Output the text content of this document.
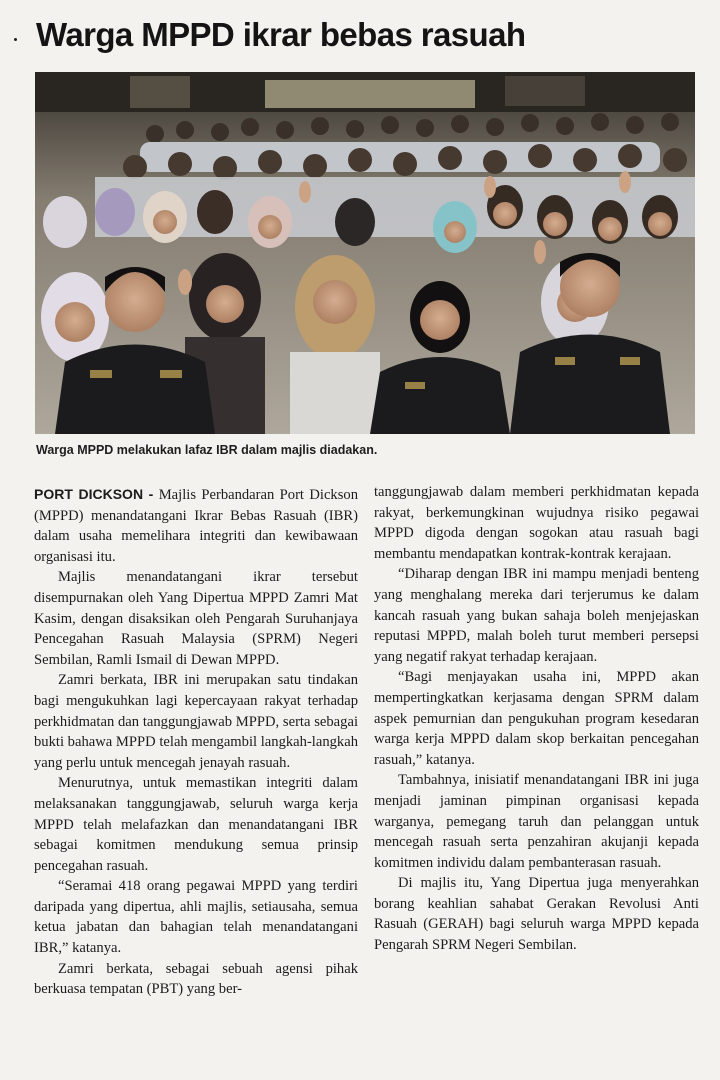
Warga MPPD ikrar bebas rasuah
Warga MPPD melakukan lafaz IBR dalam majlis diadakan.

PORT DICKSON - Majlis Perbandaran Port Dickson (MPPD) menandatangani Ikrar Bebas Rasuah (IBR) dalam usaha memelihara integriti dan kewibawaan organisasi itu.

Majlis menandatangani ikrar tersebut disempurnakan oleh Yang Dipertua MPPD Zamri Mat Kasim, dengan disaksikan oleh Pengarah Suruhanjaya Pencegahan Rasuah Malaysia (SPRM) Negeri Sembilan, Ramli Ismail di Dewan MPPD.

Zamri berkata, IBR ini merupakan satu tindakan bagi mengukuhkan lagi kepercayaan rakyat terhadap perkhidmatan dan tanggungjawab MPPD, serta sebagai bukti bahawa MPPD telah mengambil langkah-langkah yang perlu untuk mencegah jenayah rasuah.

Menurutnya, untuk memastikan integriti dalam melaksanakan tanggungjawab, seluruh warga kerja MPPD telah melafazkan dan menandatangani IBR sebagai komitmen mendukung semua prinsip pencegahan rasuah.

“Seramai 418 orang pegawai MPPD yang terdiri daripada yang dipertua, ahli majlis, setiausaha, semua ketua jabatan dan bahagian telah menandatangani IBR,” katanya.

Zamri berkata, sebagai sebuah agensi pihak berkuasa tempatan (PBT) yang ber-

tanggungjawab dalam memberi perkhidmatan kepada rakyat, berkemungkinan wujudnya risiko pegawai MPPD digoda dengan sogokan atau rasuah bagi membantu mendapatkan kontrak-kontrak kerajaan.

“Diharap dengan IBR ini mampu menjadi benteng yang menghalang mereka dari terjerumus ke dalam kancah rasuah yang bukan sahaja boleh menjejaskan reputasi MPPD, malah boleh turut memberi persepsi yang negatif rakyat terhadap kerajaan.

“Bagi menjayakan usaha ini, MPPD akan mempertingkatkan kerjasama dengan SPRM dalam aspek pemurnian dan pengukuhan program kesedaran warga kerja MPPD dalam skop berkaitan pencegahan rasuah,” katanya.

Tambahnya, inisiatif menandatangani IBR ini juga menjadi jaminan pimpinan organisasi kepada warganya, pemegang taruh dan pelanggan untuk mencegah rasuah serta penzahiran akujanji kepada komitmen individu dalam pembanterasan rasuah.

Di majlis itu, Yang Dipertua juga menyerahkan borang keahlian sahabat Gerakan Revolusi Anti Rasuah (GERAH) bagi seluruh warga MPPD kepada Pengarah SPRM Negeri Sembilan.
